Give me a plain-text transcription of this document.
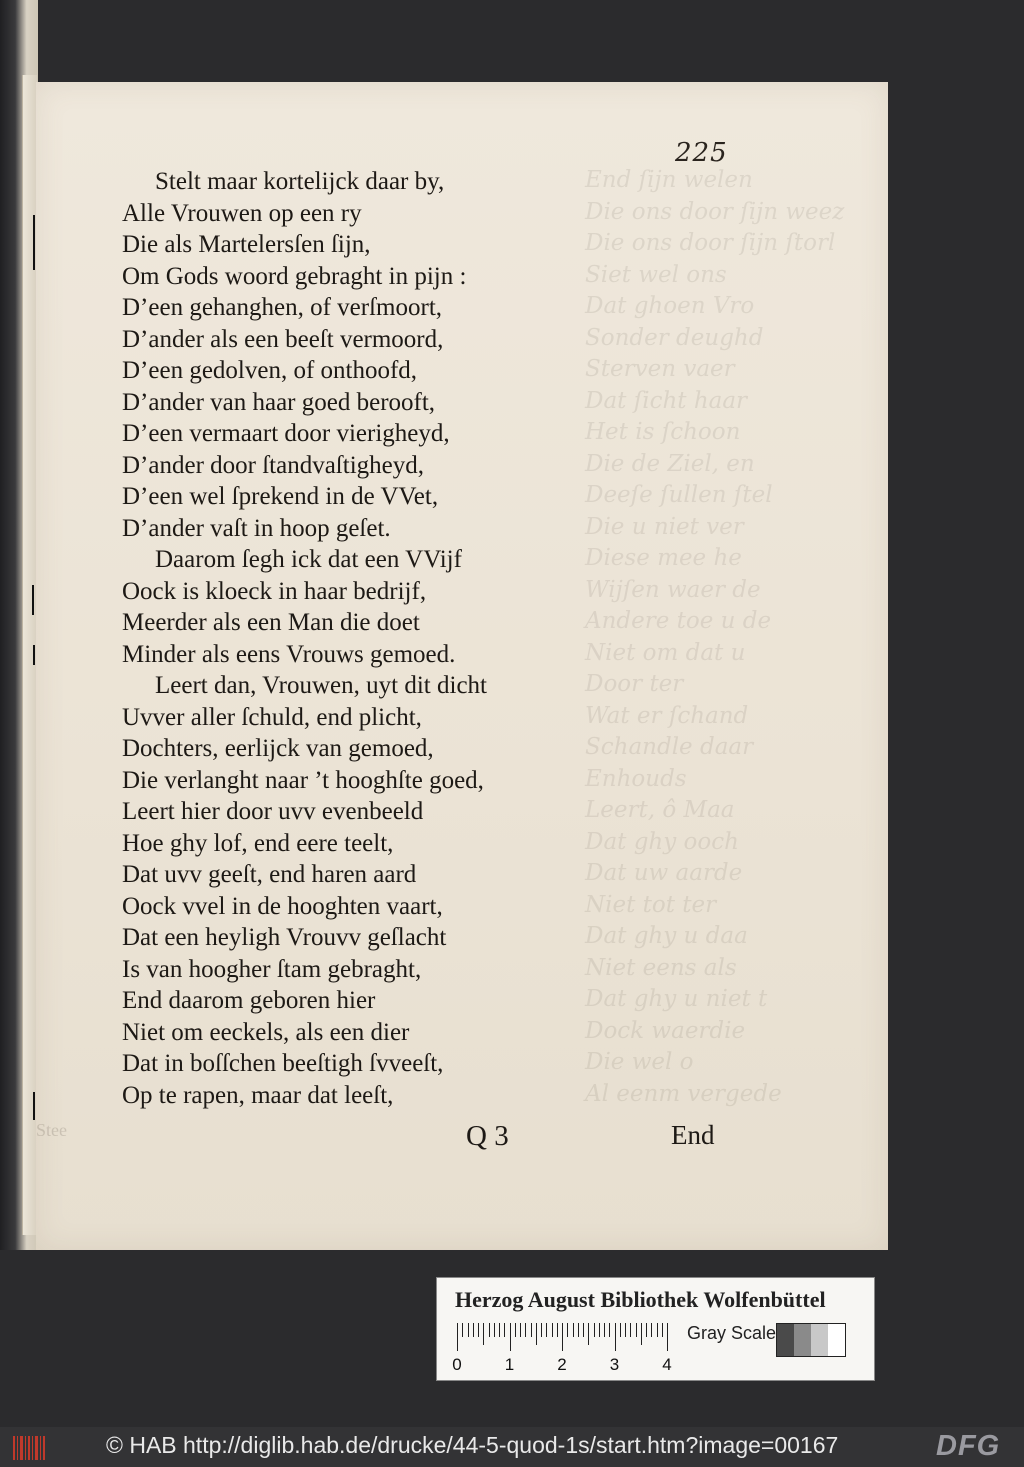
End ſijn welen
Die ons door ſijn weez
Die ons door ſijn ſtorl
Siet wel ons
Dat ghoen Vro
Sonder deughd
Sterven vaer
Dat ſicht haar
Het is ſchoon
Die de Ziel, en
Deeſe ſullen ſtel
Die u niet ver
Diese mee he
Wijſen waer de
Andere toe u de
Niet om dat u
Door ter
Wat er ſchand
Schandle daar
Enhouds
Leert, ô Maa
Dat ghy ooch
Dat uw aarde
Niet tot ter
Dat ghy u daa
Niet eens als
Dat ghy u niet t
Dock waerdie
Die wel o
Al eenm vergede
225
Stelt maar kortelijck daar by,
Alle Vrouwen op een ry
Die als Martelersſen ſijn,
Om Gods woord gebraght in pijn :
D’een gehanghen, of verſmoort,
D’ander als een beeſt vermoord,
D’een gedolven, of onthoofd,
D’ander van haar goed berooft,
D’een vermaart door vierigheyd,
D’ander door ſtandvaſtigheyd,
D’een wel ſprekend in de VVet,
D’ander vaſt in hoop geſet.
Daarom ſegh ick dat een VVijf
Oock is kloeck in haar bedrijf,
Meerder als een Man die doet
Minder als eens Vrouws gemoed.
Leert dan, Vrouwen, uyt dit dicht
Uvver aller ſchuld, end plicht,
Dochters, eerlijck van gemoed,
Die verlanght naar ’t hooghſte goed,
Leert hier door uvv evenbeeld
Hoe ghy lof, end eere teelt,
Dat uvv geeſt, end haren aard
Oock vvel in de hooghten vaart,
Dat een heyligh Vrouvv geſlacht
Is van hoogher ſtam gebraght,
End daarom geboren hier
Niet om eeckels, als een dier
Dat in boſſchen beeſtigh ſvveeſt,
Op te rapen, maar dat leeſt,
Stee	Q 3	End
Herzog August Bibliothek Wolfenbüttel
0	1	2	3	4
Gray Scale
© HAB http://diglib.hab.de/drucke/44-5-quod-1s/start.htm?image=00167	DFG
